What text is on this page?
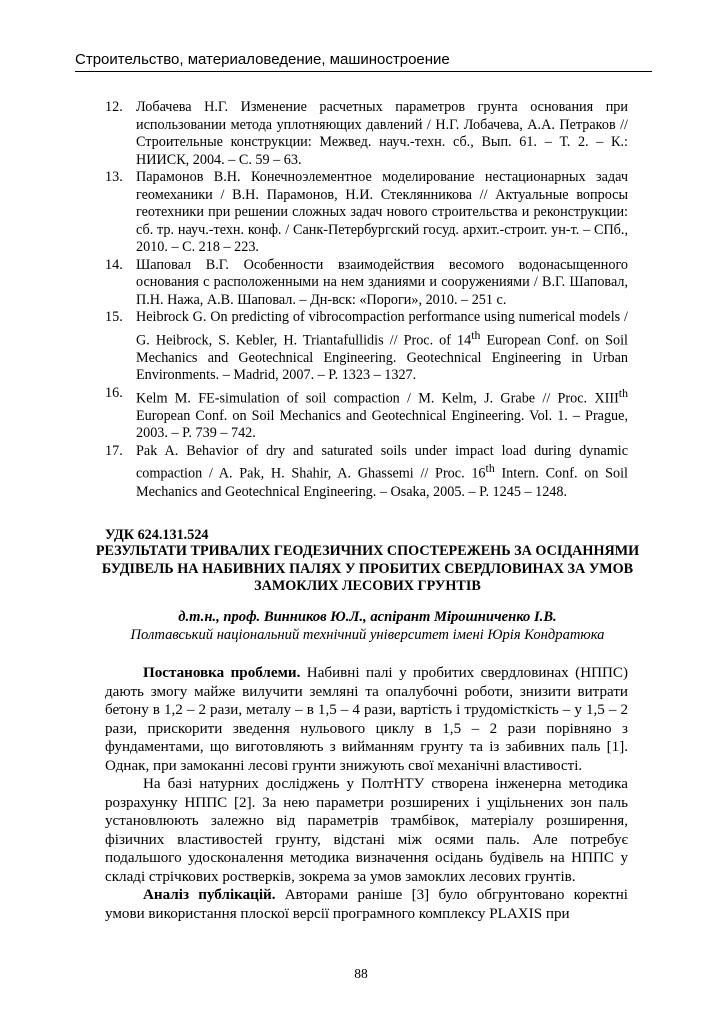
Строительство, материаловедение, машиностроение

12. Лобачева Н.Г. Изменение расчетных параметров грунта основания при использовании метода уплотняющих давлений / Н.Г. Лобачева, А.А. Петраков // Строительные конструкции: Межвед. науч.-техн. сб., Вып. 61. – Т. 2. – К.: НИИСК, 2004. – С. 59 – 63.

13. Парамонов В.Н. Конечноэлементное моделирование нестационарных задач геомеханики / В.Н. Парамонов, Н.И. Стеклянникова // Актуальные вопросы геотехники при решении сложных задач нового строительства и реконструкции: сб. тр. науч.-техн. конф. / Санк-Петербургский госуд. архит.-строит. ун-т. – СПб., 2010. – С. 218 – 223.

14. Шаповал В.Г. Особенности взаимодействия весомого водонасыщенного основания с расположенными на нем зданиями и сооружениями / В.Г. Шаповал, П.Н. Нажа, А.В. Шаповал. – Дн-вск: «Пороги», 2010. – 251 с.

15. Heibrock G. On predicting of vibrocompaction performance using numerical models / G. Heibrock, S. Kebler, H. Triantafullidis // Proc. of 14th European Conf. on Soil Mechanics and Geotechnical Engineering. Geotechnical Engineering in Urban Environments. – Madrid, 2007. – P. 1323 – 1327.

16. Kelm M. FE-simulation of soil compaction / M. Kelm, J. Grabe // Proc. XIIIth European Conf. on Soil Mechanics and Geotechnical Engineering. Vol. 1. – Prague, 2003. – P. 739 – 742.

17. Pak A. Behavior of dry and saturated soils under impact load during dynamic compaction / A. Pak, H. Shahir, A. Ghassemi // Proc. 16th Intern. Conf. on Soil Mechanics and Geotechnical Engineering. – Osaka, 2005. – P. 1245 – 1248.

УДК 624.131.524
РЕЗУЛЬТАТИ ТРИВАЛИХ ГЕОДЕЗИЧНИХ СПОСТЕРЕЖЕНЬ ЗА ОСІДАННЯМИ БУДІВЕЛЬ НА НАБИВНИХ ПАЛЯХ У ПРОБИТИХ СВЕРДЛОВИНАХ ЗА УМОВ ЗАМОКЛИХ ЛЕСОВИХ ГРУНТІВ
д.т.н., проф. Винников Ю.Л., аспірант Мірошниченко І.В.
Полтавський національний технічний університет імені Юрія Кондратюка

Постановка проблеми. Набивні палі у пробитих свердловинах (НППС) дають змогу майже вилучити земляні та опалубочні роботи, знизити витрати бетону в 1,2 – 2 рази, металу – в 1,5 – 4 рази, вартість і трудомісткість – у 1,5 – 2 рази, прискорити зведення нульового циклу в 1,5 – 2 рази порівняно з фундаментами, що виготовляють з вийманням грунту та із забивних паль [1]. Однак, при замоканні лесові грунти знижують свої механічні властивості.

На базі натурних досліджень у ПолтНТУ створена інженерна методика розрахунку НППС [2]. За нею параметри розширених і ущільнених зон паль установлюють залежно від параметрів трамбівок, матеріалу розширення, фізичних властивостей грунту, відстані між осями паль. Але потребує подальшого удосконалення методика визначення осідань будівель на НППС у складі стрічкових ростверків, зокрема за умов замоклих лесових грунтів.

Аналіз публікацій. Авторами раніше [3] було обгрунтовано коректні умови використання плоскої версії програмного комплексу PLAXIS при

88
